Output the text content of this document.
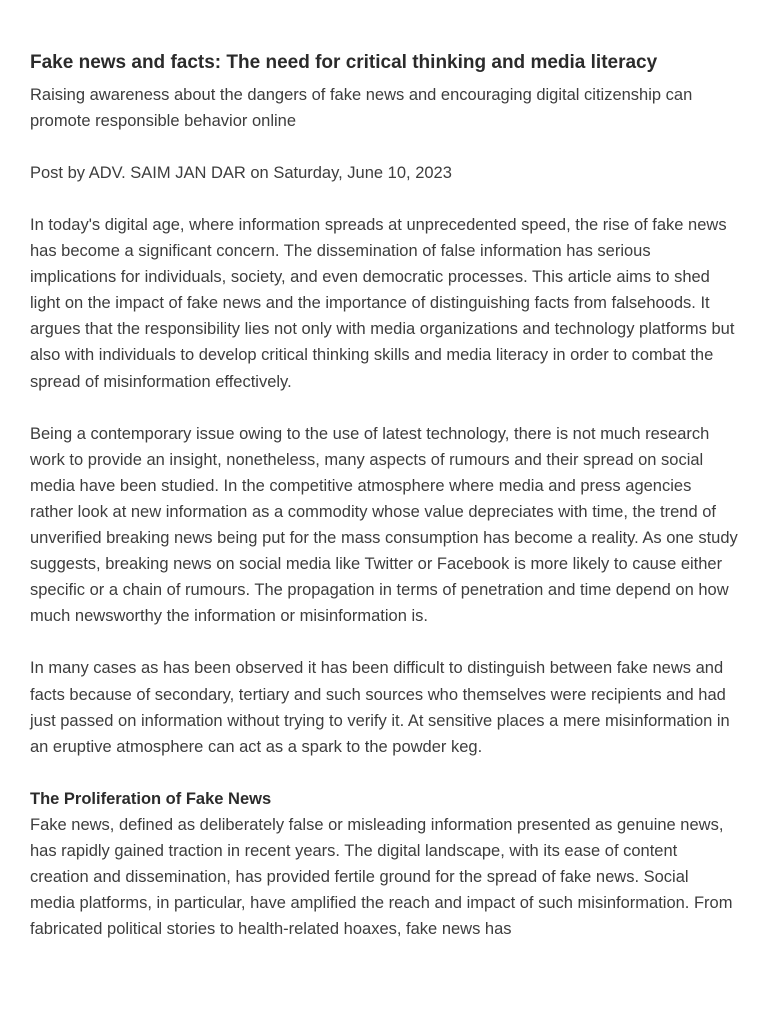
Fake news and facts: The need for critical thinking and media literacy

Raising awareness about the dangers of fake news and encouraging digital citizenship can promote responsible behavior online

Post by ADV. SAIM JAN DAR on Saturday, June 10, 2023

In today's digital age, where information spreads at unprecedented speed, the rise of fake news has become a significant concern. The dissemination of false information has serious implications for individuals, society, and even democratic processes. This article aims to shed light on the impact of fake news and the importance of distinguishing facts from falsehoods. It argues that the responsibility lies not only with media organizations and technology platforms but also with individuals to develop critical thinking skills and media literacy in order to combat the spread of misinformation effectively.

Being a contemporary issue owing to the use of latest technology, there is not much research work to provide an insight, nonetheless, many aspects of rumours and their spread on social media have been studied. In the competitive atmosphere where media and press agencies rather look at new information as a commodity whose value depreciates with time, the trend of unverified breaking news being put for the mass consumption has become a reality. As one study suggests, breaking news on social media like Twitter or Facebook is more likely to cause either specific or a chain of rumours. The propagation in terms of penetration and time depend on how much newsworthy the information or misinformation is.

In many cases as has been observed it has been difficult to distinguish between fake news and facts because of secondary, tertiary and such sources who themselves were recipients and had just passed on information without trying to verify it. At sensitive places a mere misinformation in an eruptive atmosphere can act as a spark to the powder keg.

The Proliferation of Fake News

Fake news, defined as deliberately false or misleading information presented as genuine news, has rapidly gained traction in recent years. The digital landscape, with its ease of content creation and dissemination, has provided fertile ground for the spread of fake news. Social media platforms, in particular, have amplified the reach and impact of such misinformation. From fabricated political stories to health-related hoaxes, fake news has
